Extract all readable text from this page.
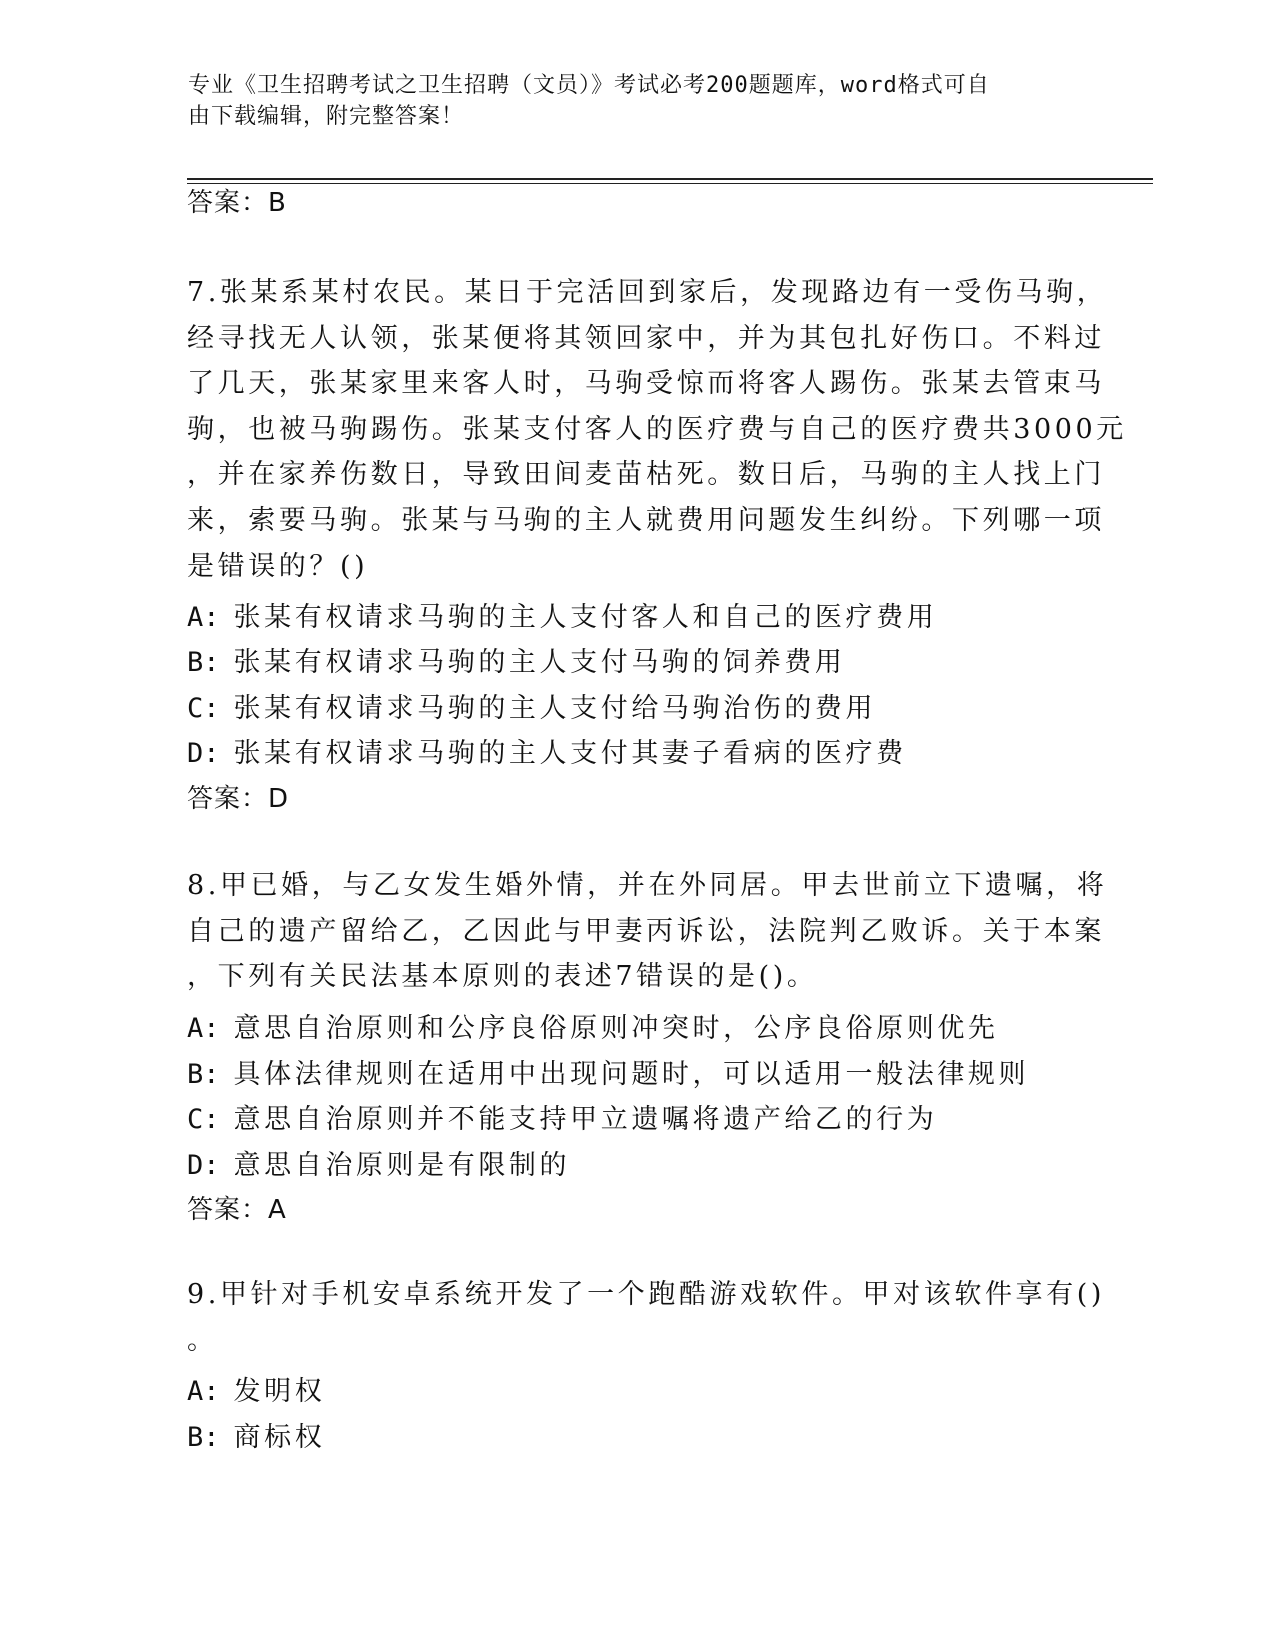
专业《卫生招聘考试之卫生招聘（文员）》考试必考200题题库，word格式可自
由下载编辑，附完整答案！
答案：B

7.张某系某村农民。某日于完活回到家后，发现路边有一受伤马驹，

经寻找无人认领，张某便将其领回家中，并为其包扎好伤口。不料过

了几天，张某家里来客人时，马驹受惊而将客人踢伤。张某去管束马

驹，也被马驹踢伤。张某支付客人的医疗费与自己的医疗费共3000元

，并在家养伤数日，导致田间麦苗枯死。数日后，马驹的主人找上门

来，索要马驹。张某与马驹的主人就费用问题发生纠纷。下列哪一项

是错误的？()

A: 张某有权请求马驹的主人支付客人和自己的医疗费用
B: 张某有权请求马驹的主人支付马驹的饲养费用
C: 张某有权请求马驹的主人支付给马驹治伤的费用
D: 张某有权请求马驹的主人支付其妻子看病的医疗费
答案：D

8.甲已婚，与乙女发生婚外情，并在外同居。甲去世前立下遗嘱，将

自己的遗产留给乙，乙因此与甲妻丙诉讼，法院判乙败诉。关于本案

，下列有关民法基本原则的表述7错误的是()。

A: 意思自治原则和公序良俗原则冲突时，公序良俗原则优先
B: 具体法律规则在适用中出现问题时，可以适用一般法律规则
C: 意思自治原则并不能支持甲立遗嘱将遗产给乙的行为
D: 意思自治原则是有限制的
答案：A

9.甲针对手机安卓系统开发了一个跑酷游戏软件。甲对该软件享有()

。

A: 发明权
B: 商标权
